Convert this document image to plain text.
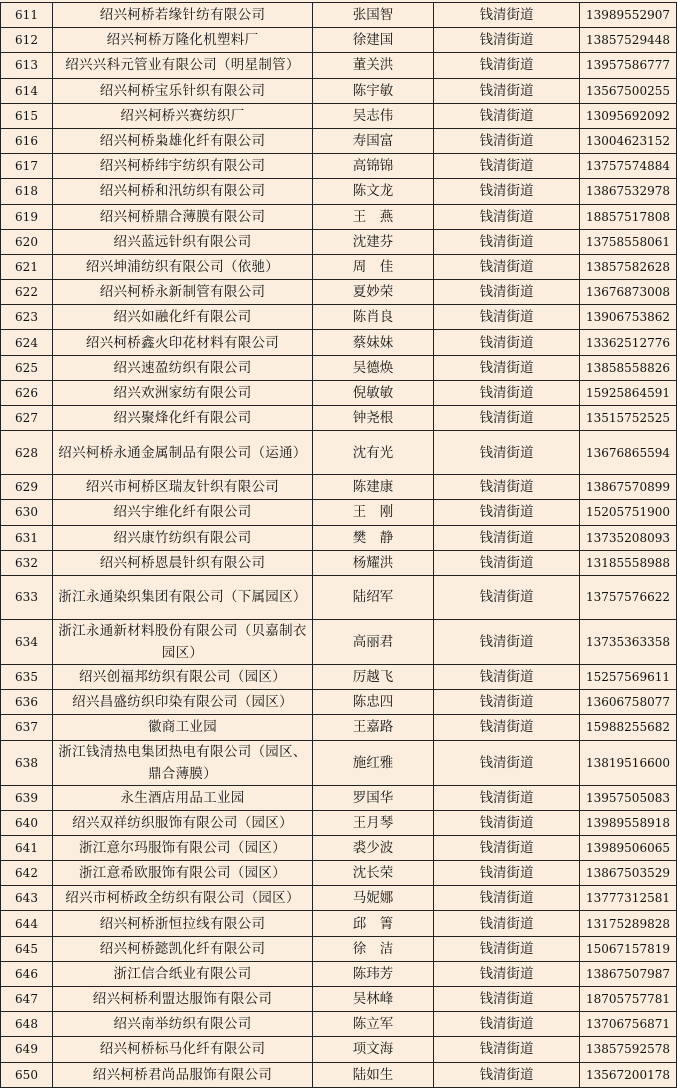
611	绍兴柯桥若缘针纺有限公司	张国智	钱清街道	13989552907
612	绍兴柯桥万隆化机塑料厂	徐建国	钱清街道	13857529448
613	绍兴兴科元管业有限公司（明星制管）	董关洪	钱清街道	13957586777
614	绍兴柯桥宝乐针织有限公司	陈宇敏	钱清街道	13567500255
615	绍兴柯桥兴赛纺织厂	吴志伟	钱清街道	13095692092
616	绍兴柯桥枭雄化纤有限公司	寿国富	钱清街道	13004623152
617	绍兴柯桥纬宇纺织有限公司	高锦锦	钱清街道	13757574884
618	绍兴柯桥和汛纺织有限公司	陈文龙	钱清街道	13867532978
619	绍兴柯桥鼎合薄膜有限公司	王　燕	钱清街道	18857517808
620	绍兴蓝远针织有限公司	沈建芬	钱清街道	13758558061
621	绍兴坤浦纺织有限公司（依驰）	周　佳	钱清街道	13857582628
622	绍兴柯桥永新制管有限公司	夏妙荣	钱清街道	13676873008
623	绍兴如融化纤有限公司	陈肖良	钱清街道	13906753862
624	绍兴柯桥鑫火印花材料有限公司	蔡妹妹	钱清街道	13362512776
625	绍兴速盈纺织有限公司	吴德焕	钱清街道	13858558826
626	绍兴欢洲家纺有限公司	倪敏敏	钱清街道	15925864591
627	绍兴聚烽化纤有限公司	钟尧根	钱清街道	13515752525
628	绍兴柯桥永通金属制品有限公司（运通）	沈有光	钱清街道	13676865594
629	绍兴市柯桥区瑞友针织有限公司	陈建康	钱清街道	13867570899
630	绍兴宇维化纤有限公司	王　刚	钱清街道	15205751900
631	绍兴康竹纺织有限公司	樊　静	钱清街道	13735208093
632	绍兴柯桥恩晨针织有限公司	杨耀洪	钱清街道	13185558988
633	浙江永通染织集团有限公司（下属园区）	陆绍军	钱清街道	13757576622
634	浙江永通新材料股份有限公司（贝嘉制衣园区）	高丽君	钱清街道	13735363358
635	绍兴创福邦纺织有限公司（园区）	厉越飞	钱清街道	15257569611
636	绍兴昌盛纺织印染有限公司（园区）	陈忠四	钱清街道	13606758077
637	徽商工业园	王嘉路	钱清街道	15988255682
638	浙江钱清热电集团热电有限公司（园区、鼎合薄膜）	施红雅	钱清街道	13819516600
639	永生酒店用品工业园	罗国华	钱清街道	13957505083
640	绍兴双祥纺织服饰有限公司（园区）	王月琴	钱清街道	13989558918
641	浙江意尔玛服饰有限公司（园区）	裘少波	钱清街道	13989506065
642	浙江意希欧服饰有限公司（园区）	沈长荣	钱清街道	13867503529
643	绍兴市柯桥政全纺织有限公司（园区）	马妮娜	钱清街道	13777312581
644	绍兴柯桥浙恒拉线有限公司	邱　箐	钱清街道	13175289828
645	绍兴柯桥懿凯化纤有限公司	徐　洁	钱清街道	15067157819
646	浙江信合纸业有限公司	陈玮芳	钱清街道	13867507987
647	绍兴柯桥利盟达服饰有限公司	吴林峰	钱清街道	18705757781
648	绍兴南举纺织有限公司	陈立军	钱清街道	13706756871
649	绍兴柯桥标马化纤有限公司	项文海	钱清街道	13857592578
650	绍兴柯桥君尚品服饰有限公司	陆如生	钱清街道	13567200178
